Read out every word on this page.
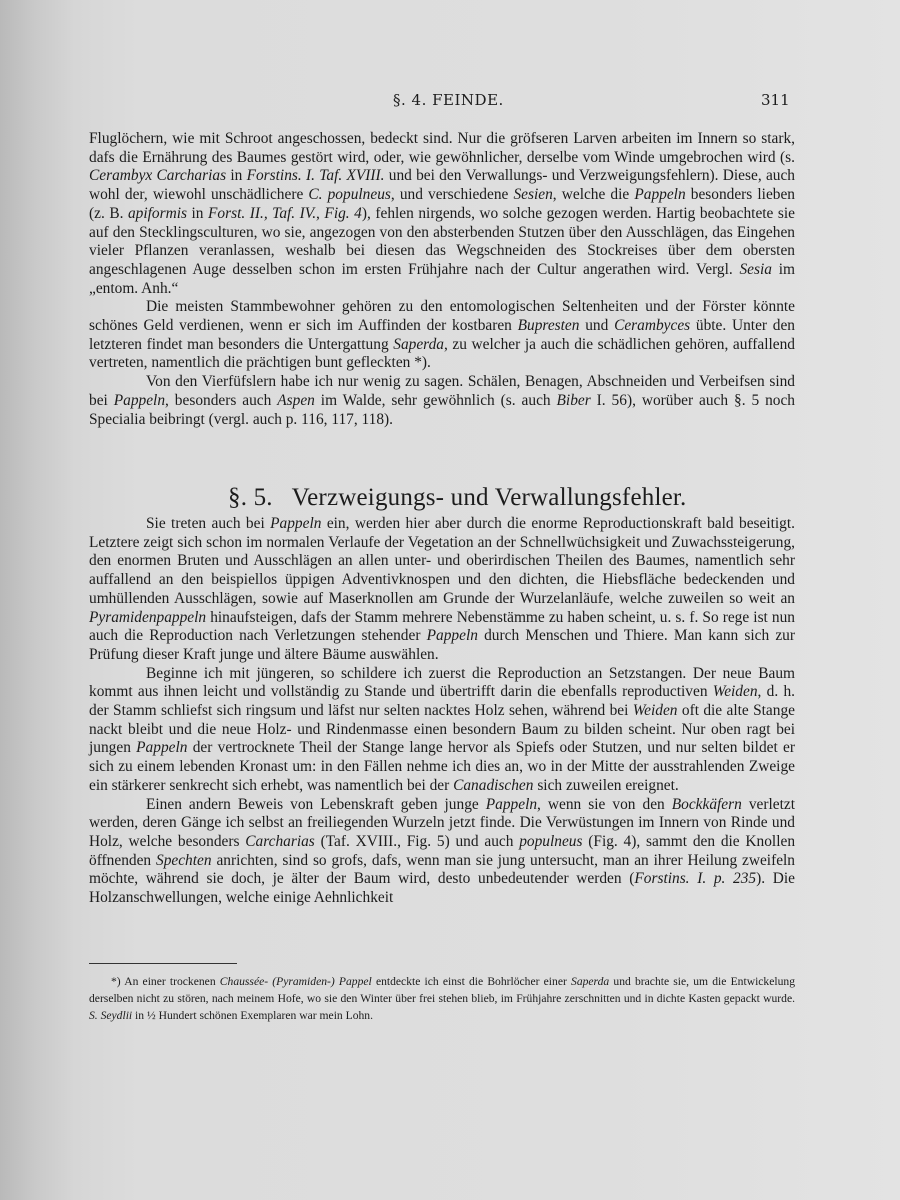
§. 4. FEINDE.	311

Fluglöchern, wie mit Schroot angeschossen, bedeckt sind. Nur die gröfseren Larven arbeiten im Innern so stark, dafs die Ernährung des Baumes gestört wird, oder, wie gewöhnlicher, derselbe vom Winde umgebrochen wird (s. Cerambyx Carcharias in Forstins. I. Taf. XVIII. und bei den Verwallungs- und Verzweigungsfehlern). Diese, auch wohl der, wiewohl unschädlichere C. populneus, und verschiedene Sesien, welche die Pappeln besonders lieben (z. B. apiformis in Forst. II., Taf. IV., Fig. 4), fehlen nirgends, wo solche gezogen werden. Hartig beobachtete sie auf den Stecklingsculturen, wo sie, angezogen von den absterbenden Stutzen über den Ausschlägen, das Eingehen vieler Pflanzen veranlassen, weshalb bei diesen das Wegschneiden des Stockreises über dem obersten angeschlagenen Auge desselben schon im ersten Frühjahre nach der Cultur angerathen wird. Vergl. Sesia im „entom. Anh.“

Die meisten Stammbewohner gehören zu den entomologischen Seltenheiten und der Förster könnte schönes Geld verdienen, wenn er sich im Auffinden der kostbaren Bupresten und Cerambyces übte. Unter den letzteren findet man besonders die Untergattung Saperda, zu welcher ja auch die schädlichen gehören, auffallend vertreten, namentlich die prächtigen bunt gefleckten *).

Von den Vierfüfslern habe ich nur wenig zu sagen. Schälen, Benagen, Abschneiden und Verbeifsen sind bei Pappeln, besonders auch Aspen im Walde, sehr gewöhnlich (s. auch Biber I. 56), worüber auch §. 5 noch Specialia beibringt (vergl. auch p. 116, 117, 118).

§. 5.   Verzweigungs- und Verwallungsfehler.

Sie treten auch bei Pappeln ein, werden hier aber durch die enorme Reproductionskraft bald beseitigt. Letztere zeigt sich schon im normalen Verlaufe der Vegetation an der Schnellwüchsigkeit und Zuwachssteigerung, den enormen Bruten und Ausschlägen an allen unter- und oberirdischen Theilen des Baumes, namentlich sehr auffallend an den beispiellos üppigen Adventivknospen und den dichten, die Hiebsfläche bedeckenden und umhüllenden Ausschlägen, sowie auf Maserknollen am Grunde der Wurzelanläufe, welche zuweilen so weit an Pyramidenpappeln hinaufsteigen, dafs der Stamm mehrere Nebenstämme zu haben scheint, u. s. f. So rege ist nun auch die Reproduction nach Verletzungen stehender Pappeln durch Menschen und Thiere. Man kann sich zur Prüfung dieser Kraft junge und ältere Bäume auswählen.

Beginne ich mit jüngeren, so schildere ich zuerst die Reproduction an Setzstangen. Der neue Baum kommt aus ihnen leicht und vollständig zu Stande und übertrifft darin die ebenfalls reproductiven Weiden, d. h. der Stamm schliefst sich ringsum und läfst nur selten nacktes Holz sehen, während bei Weiden oft die alte Stange nackt bleibt und die neue Holz- und Rindenmasse einen besondern Baum zu bilden scheint. Nur oben ragt bei jungen Pappeln der vertrocknete Theil der Stange lange hervor als Spiefs oder Stutzen, und nur selten bildet er sich zu einem lebenden Kronast um: in den Fällen nehme ich dies an, wo in der Mitte der ausstrahlenden Zweige ein stärkerer senkrecht sich erhebt, was namentlich bei der Canadischen sich zuweilen ereignet.

Einen andern Beweis von Lebenskraft geben junge Pappeln, wenn sie von den Bockkäfern verletzt werden, deren Gänge ich selbst an freiliegenden Wurzeln jetzt finde. Die Verwüstungen im Innern von Rinde und Holz, welche besonders Carcharias (Taf. XVIII., Fig. 5) und auch populneus (Fig. 4), sammt den die Knollen öffnenden Spechten anrichten, sind so grofs, dafs, wenn man sie jung untersucht, man an ihrer Heilung zweifeln möchte, während sie doch, je älter der Baum wird, desto unbedeutender werden (Forstins. I. p. 235). Die Holzanschwellungen, welche einige Aehnlichkeit

*) An einer trockenen Chaussée- (Pyramiden-) Pappel entdeckte ich einst die Bohrlöcher einer Saperda und brachte sie, um die Entwickelung derselben nicht zu stören, nach meinem Hofe, wo sie den Winter über frei stehen blieb, im Frühjahre zerschnitten und in dichte Kasten gepackt wurde. S. Seydlii in ½ Hundert schönen Exemplaren war mein Lohn.
